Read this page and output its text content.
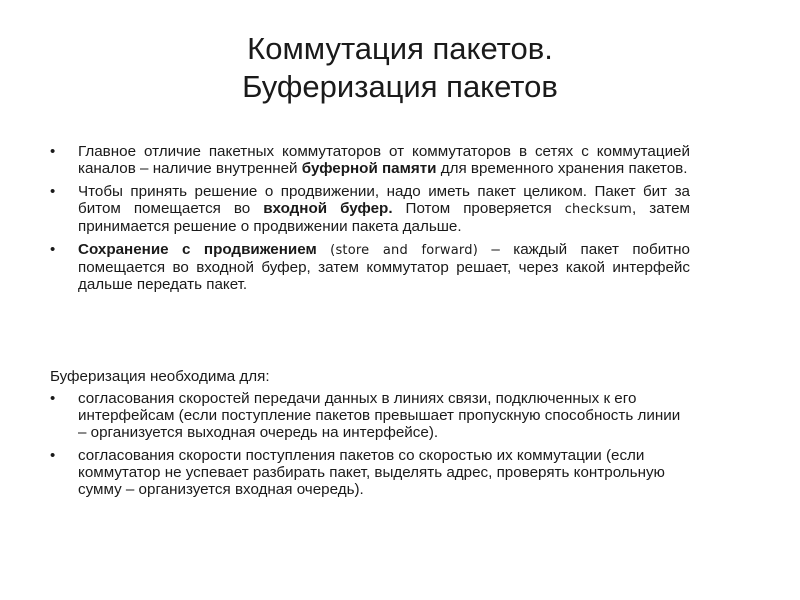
Коммутация пакетов.
Буферизация пакетов
• Главное отличие пакетных коммутаторов от коммутаторов в сетях с коммутацией каналов – наличие внутренней буферной памяти для временного хранения пакетов.
• Чтобы принять решение о продвижении, надо иметь пакет целиком. Пакет бит за битом помещается во входной буфер. Потом проверяется checksum, затем принимается решение о продвижении пакета дальше.
• Сохранение с продвижением (store and forward) – каждый пакет побитно помещается во входной буфер, затем коммутатор решает, через какой интерфейс дальше передать пакет.

Буферизация необходима для:

• согласования скоростей передачи данных в линиях связи, подключенных к его интерфейсам (если поступление пакетов превышает пропускную способность линии – организуется выходная очередь на интерфейсе).
• согласования скорости поступления пакетов со скоростью их коммутации (если коммутатор не успевает разбирать пакет, выделять адрес, проверять контрольную сумму – организуется входная очередь).
